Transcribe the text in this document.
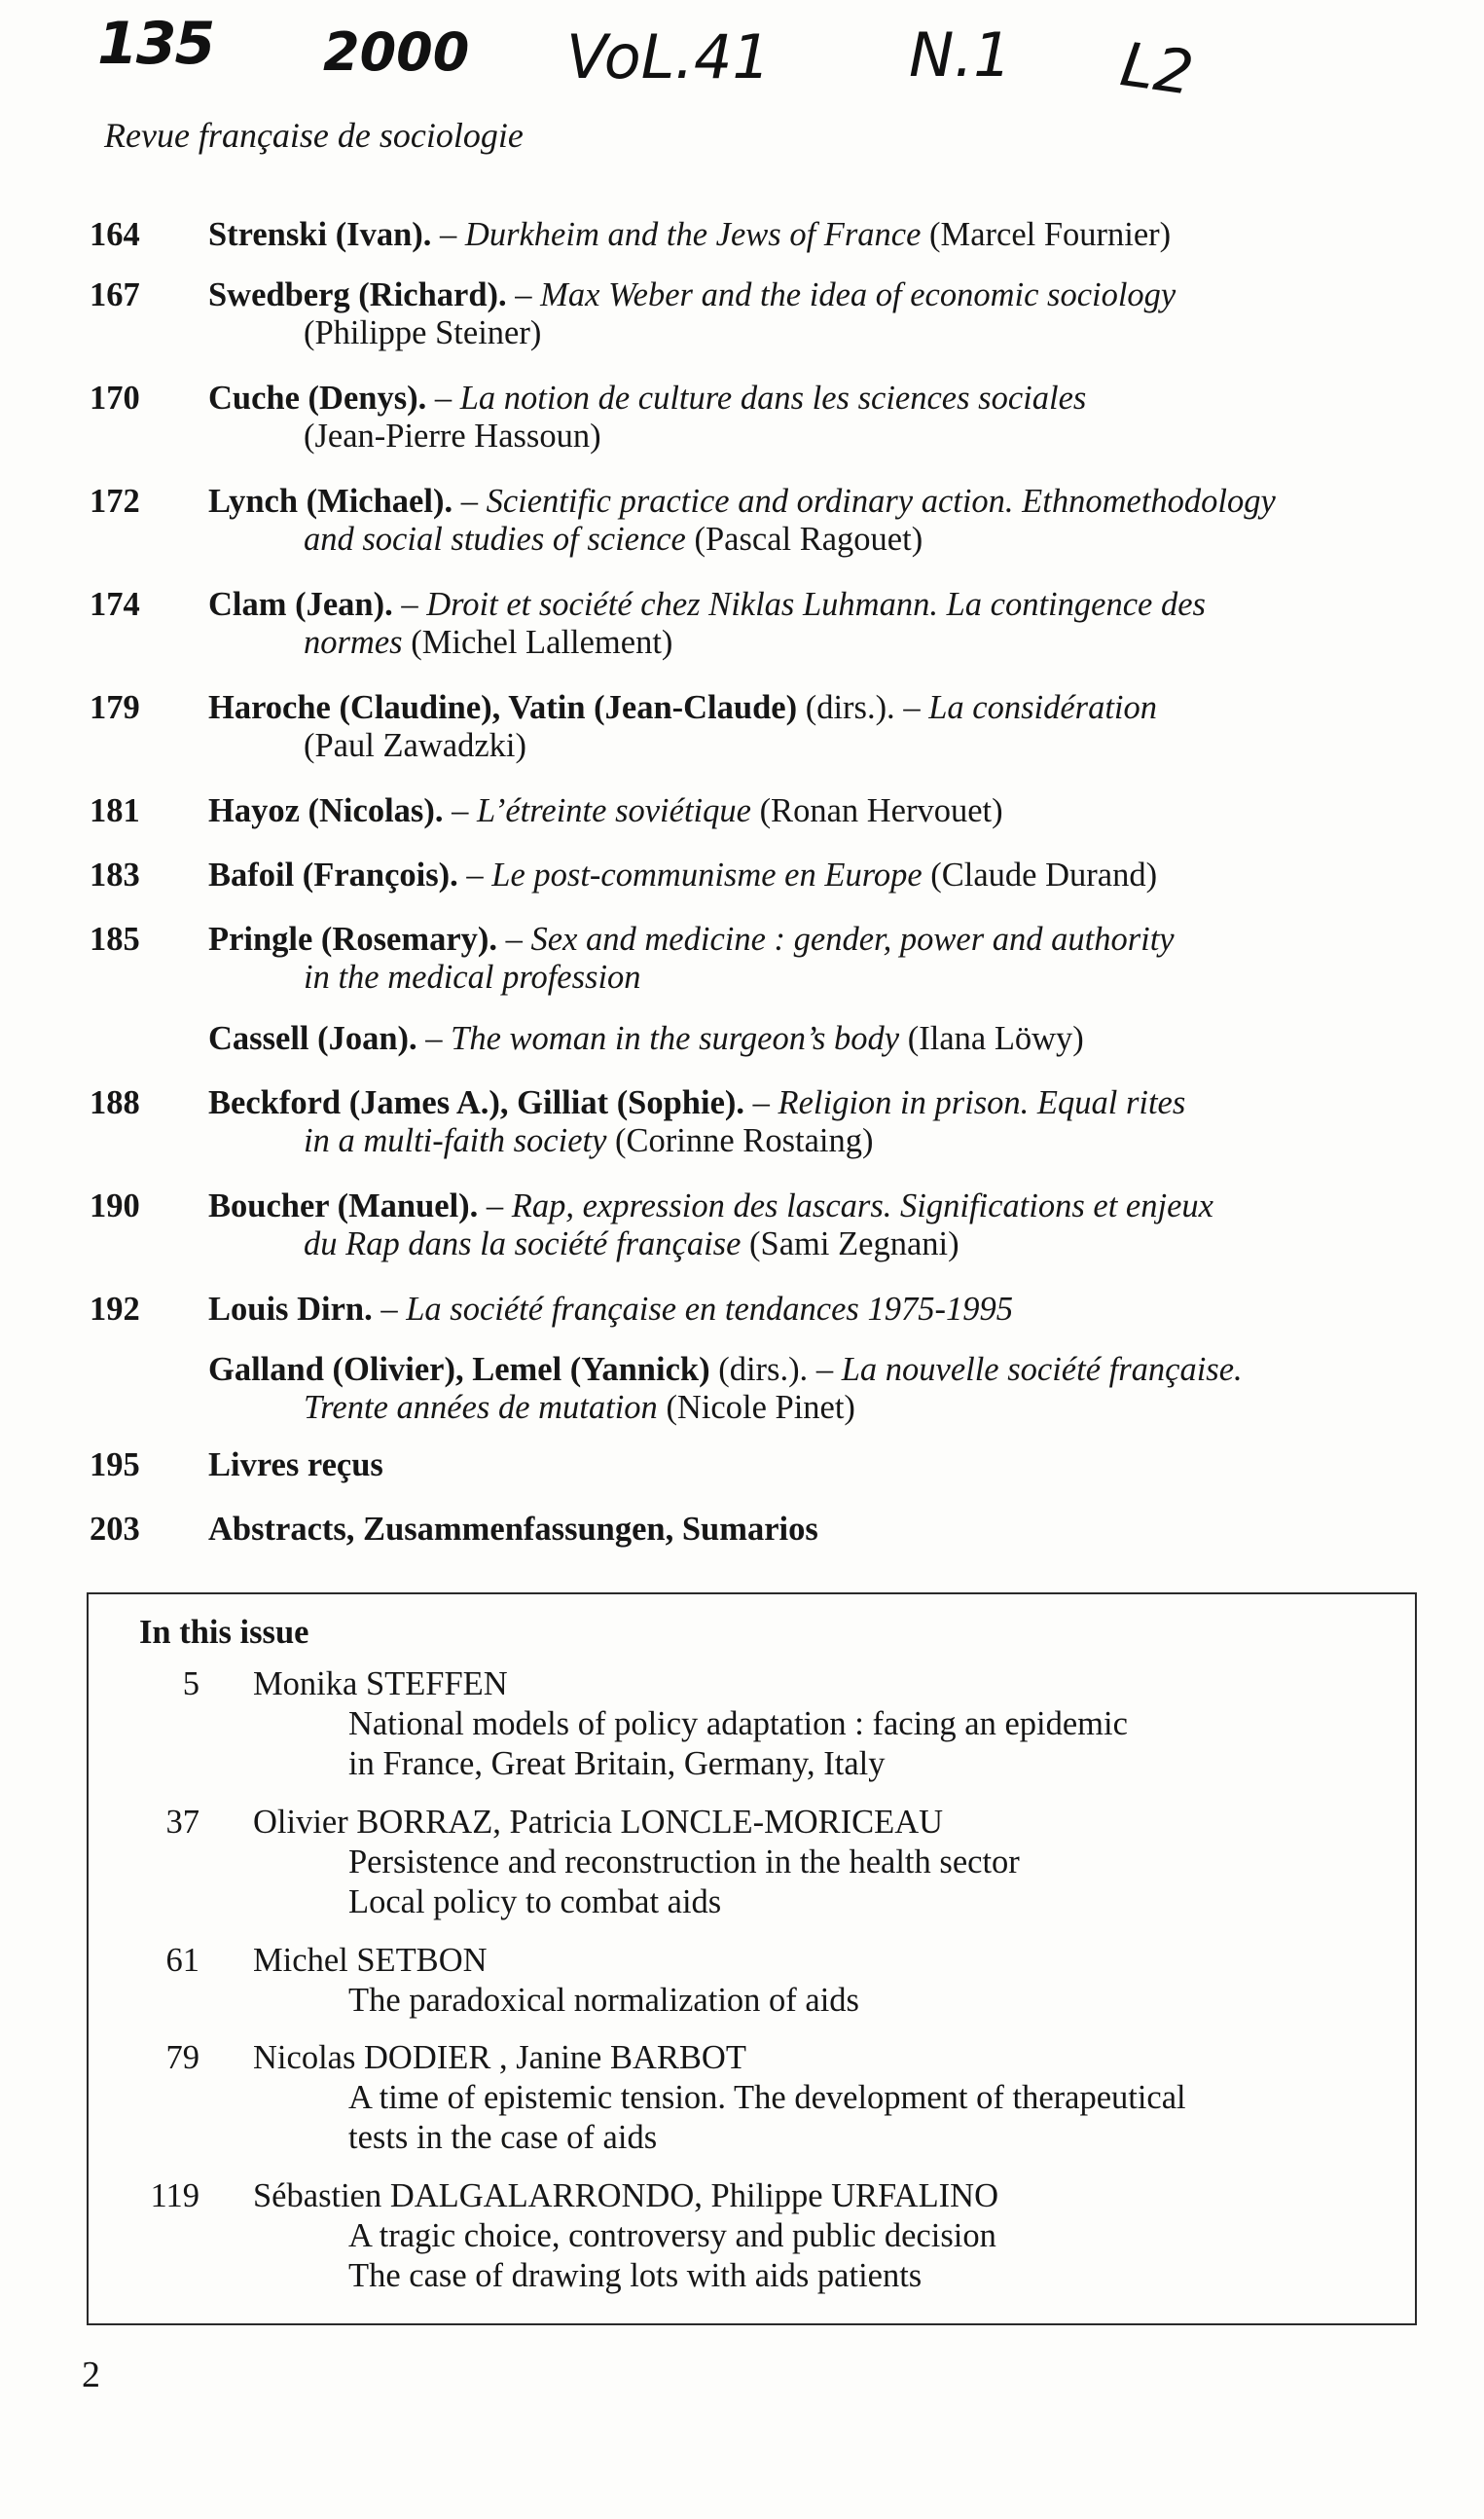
135 2000 VoL.41 N.1 L2
Revue française de sociologie
164 Strenski (Ivan). – Durkheim and the Jews of France (Marcel Fournier)
167 Swedberg (Richard). – Max Weber and the idea of economic sociology
(Philippe Steiner)
170 Cuche (Denys). – La notion de culture dans les sciences sociales
(Jean-Pierre Hassoun)
172 Lynch (Michael). – Scientific practice and ordinary action. Ethnomethodology
and social studies of science (Pascal Ragouet)
174 Clam (Jean). – Droit et société chez Niklas Luhmann. La contingence des
normes (Michel Lallement)
179 Haroche (Claudine), Vatin (Jean-Claude) (dirs.). – La considération
(Paul Zawadzki)
181 Hayoz (Nicolas). – L’étreinte soviétique (Ronan Hervouet)
183 Bafoil (François). – Le post-communisme en Europe (Claude Durand)
185 Pringle (Rosemary). – Sex and medicine : gender, power and authority
in the medical profession
Cassell (Joan). – The woman in the surgeon’s body (Ilana Löwy)
188 Beckford (James A.), Gilliat (Sophie). – Religion in prison. Equal rites
in a multi-faith society (Corinne Rostaing)
190 Boucher (Manuel). – Rap, expression des lascars. Significations et enjeux
du Rap dans la société française (Sami Zegnani)
192 Louis Dirn. – La société française en tendances 1975-1995
Galland (Olivier), Lemel (Yannick) (dirs.). – La nouvelle société française.
Trente années de mutation (Nicole Pinet)
195 Livres reçus
203 Abstracts, Zusammenfassungen, Sumarios
In this issue
5 Monika STEFFEN
National models of policy adaptation : facing an epidemic
in France, Great Britain, Germany, Italy
37 Olivier BORRAZ, Patricia LONCLE-MORICEAU
Persistence and reconstruction in the health sector
Local policy to combat aids
61 Michel SETBON
The paradoxical normalization of aids
79 Nicolas DODIER , Janine BARBOT
A time of epistemic tension. The development of therapeutical
tests in the case of aids
119 Sébastien DALGALARRONDO, Philippe URFALINO
A tragic choice, controversy and public decision
The case of drawing lots with aids patients
2
